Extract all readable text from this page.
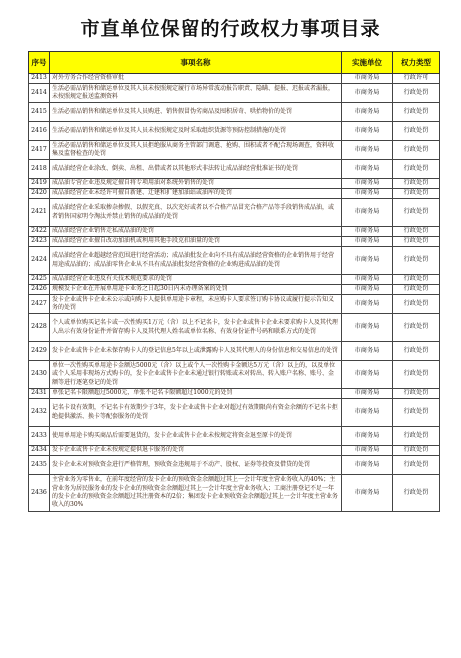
市直单位保留的行政权力事项目录
序号	事项名称	实施单位	权力类型
2413	对外劳务合作经营资格审批	市商务局	行政许可
2414	生活必需品销售和储运单位及其人员未按照规定履行市场异常波动报告职责、隐瞒、提报、迟报或者漏报，未按照规定报送监测资料	市商务局	行政处罚
2415	生活必需品销售和储运单位及其人员购进、销售假冒伪劣商品及囤积居奇、哄抬物价的处罚	市商务局	行政处罚
2416	生活必需品销售和储运单位及其人员未按照规定及时采取组织货源等预防控制措施的处罚	市商务局	行政处罚
2417	生活必需品销售和储运单位及其人员拒绝服从商务主管部门调遣、抢购、围积或者不配合现场调查，资料收集及监督检查的处罚	市商务局	行政处罚
2418	成品油经营企业涂改、倒卖、出租、出借或者以其他形式非法转让成品油经营批准证书的处罚	市商务局	行政处罚
2419	成品油专营企业违反规定擅自将专项用油对系统外销售的处罚	市商务局	行政处罚
2420	成品油经营企业未经许可擅自新建、迁建和扩建加油站或油库的处罚	市商务局	行政处罚
2421	成品油经营企业采取掺杂掺假、以假充真、以次充好或者以不合格产品冒充合格产品等手段销售成品油，或者销售国家明令淘汰并禁止销售的成品油的处罚	市商务局	行政处罚
2422	成品油经营企业销售走私成品油的处罚	市商务局	行政处罚
2423	成品油经营企业擅自改动加油机或利用其他手段克扣油量的处罚	市商务局	行政处罚
2424	成品油经营企业超越经营范围进行经营活动；成品油批发企业向不具有成品油经营资格的企业销售用于经营用途成品油的；成品油零售企业从不具有成品油批发经营资格的企业购进成品油的处罚	市商务局	行政处罚
2425	成品油经营企业违反有关技术规范要求的处罚	市商务局	行政处罚
2426	规模发卡企业在开展单用途卡业务之日起30日内未办理备案的处罚	市商务局	行政处罚
2427	发卡企业或售卡企业未公示或向购卡人提供单用途卡章程，未应购卡人要求签订购卡协议或履行提示告知义务的处罚	市商务局	行政处罚
2428	个人或单位购买记名卡或一次性购买1万元（含）以上不记名卡，发卡企业或售卡企业未要求购卡人及其代理人出示有效身份证件并留存购卡人及其代理人姓名或单位名称、有效身份证件号码和联系方式的处罚	市商务局	行政处罚
2429	发卡企业或售卡企业未保存购卡人的登记信息5年以上或泄露购卡人及其代理人的身份信息和交易信息的处罚	市商务局	行政处罚
2430	单位一次性购买单用途卡金额达5000元（含）以上或个人一次性购卡金额达5万元（含）以上的，以及单位或个人采用非现场方式购卡的，发卡企业或售卡企业未通过银行转账或未对转出、转入账户名称、账号、金额等进行逐笔登记的处罚	市商务局	行政处罚
2431	单张记名卡限额超过5000元，单张不记名卡限额超过1000元的处罚	市商务局	行政处罚
2432	记名卡设有效期，不记名卡有效期少于3年，发卡企业或售卡企业对超过有效期限尚有资金余额的不记名卡拒绝提供激活、换卡等配套服务的处罚	市商务局	行政处罚
2433	使用单用途卡购买商品后需要退货的，发卡企业或售卡企业未按规定将资金退至原卡的处罚	市商务局	行政处罚
2434	发卡企业或售卡企业未按规定提供退卡服务的处罚	市商务局	行政处罚
2435	发卡企业未对预收资金进行严格管理，预收资金违规用于不动产、股权、证券等投资及借贷的处罚	市商务局	行政处罚
2436	主营业务为零售业，在前年度经营的发卡企业的预收资金余额超过其上一会计年度主营业务收入的40%；主营业务为居民服务业的发卡企业的预收资金余额超过其上一会计年度主营业务收入；工商注册登记不足一年的发卡企业的预收资金余额超过其注册资本的2倍；集团发卡企业预收资金余额超过其上一会计年度主营业务收入的30%	市商务局	行政处罚
